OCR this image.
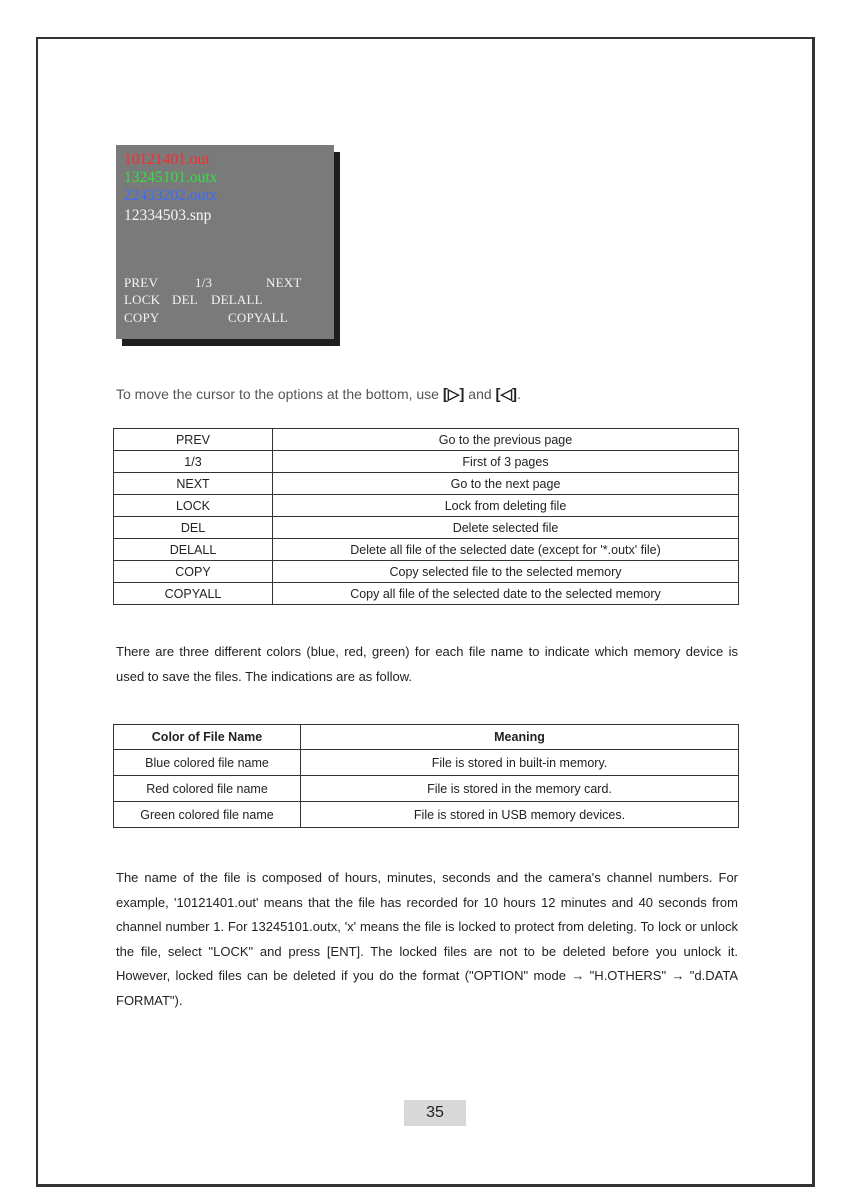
10121401.out
13245101.outx
22433202.outx
12334503.snp
PREV	1/3	NEXT
LOCK DEL DELALL
COPY	COPYALL
To move the cursor to the options at the bottom, use [▷] and [◁].
PREV	Go to the previous page
1/3	First of 3 pages
NEXT	Go to the next page
LOCK	Lock from deleting file
DEL	Delete selected file
DELALL	Delete all file of the selected date (except for '*.outx' file)
COPY	Copy selected file to the selected memory
COPYALL	Copy all file of the selected date to the selected memory

There are three different colors (blue, red, green) for each file name to indicate which memory device is used to save the files. The indications are as follow.

Color of File Name	Meaning
Blue colored file name	File is stored in built-in memory.
Red colored file name	File is stored in the memory card.
Green colored file name	File is stored in USB memory devices.

The name of the file is composed of hours, minutes, seconds and the camera's channel numbers. For example, '10121401.out' means that the file has recorded for 10 hours 12 minutes and 40 seconds from channel number 1. For 13245101.outx, 'x' means the file is locked to protect from deleting. To lock or unlock the file, select "LOCK" and press [ENT]. The locked files are not to be deleted before you unlock it. However, locked files can be deleted if you do the format ("OPTION" mode → "H.OTHERS" → "d.DATA FORMAT").

35
